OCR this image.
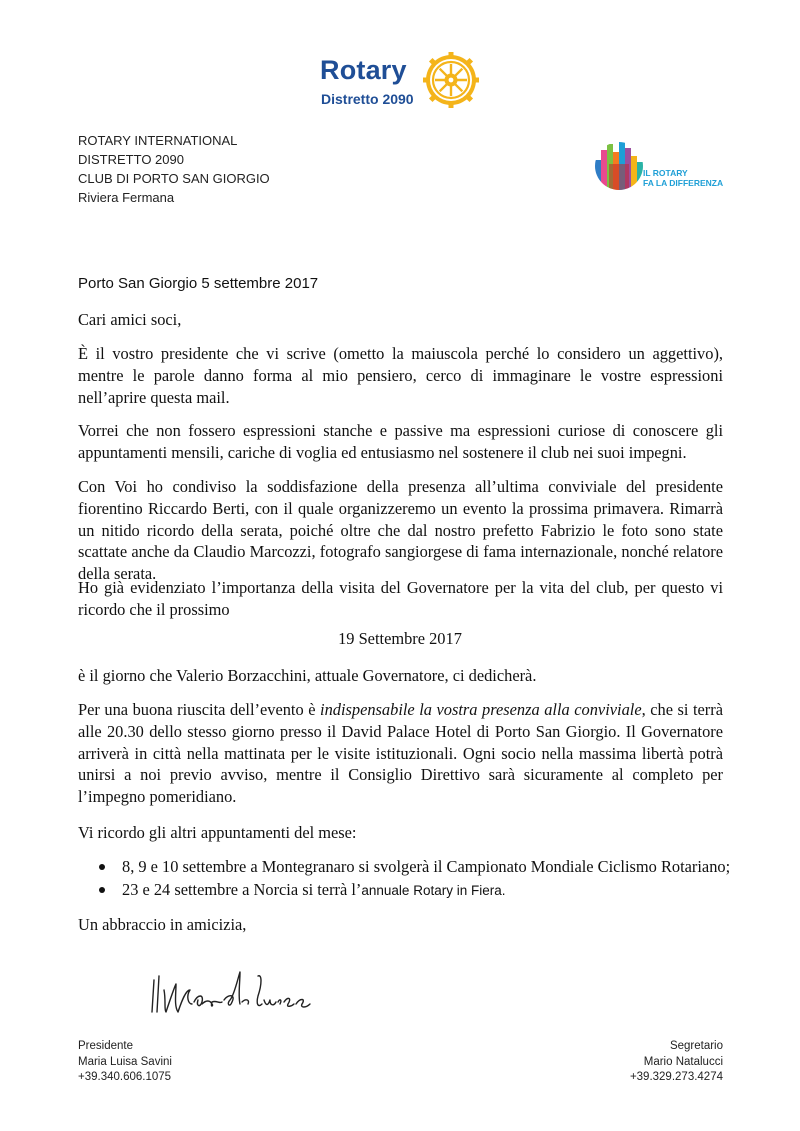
Rotary
Distretto 2090
ROTARY INTERNATIONAL
DISTRETTO 2090
CLUB DI PORTO SAN GIORGIO
Riviera Fermana
IL ROTARY
FA LA DIFFERENZA
Porto San Giorgio 5 settembre 2017
Cari amici soci,
È il vostro presidente che vi scrive (ometto la maiuscola perché lo considero un aggettivo), mentre le parole danno forma al mio pensiero, cerco di immaginare le vostre espressioni nell’aprire questa mail.
Vorrei che non fossero espressioni stanche e passive ma espressioni curiose di conoscere gli appuntamenti mensili, cariche di voglia ed entusiasmo nel sostenere il club nei suoi impegni.
Con Voi ho condiviso la soddisfazione della presenza all’ultima conviviale del presidente fiorentino Riccardo Berti, con il quale organizzeremo un evento la prossima primavera. Rimarrà un nitido ricordo della serata, poiché oltre che dal nostro prefetto Fabrizio le foto sono state scattate anche da Claudio Marcozzi, fotografo sangiorgese di fama internazionale, nonché relatore della serata.
Ho già evidenziato l’importanza della visita del Governatore per la vita del club, per questo vi ricordo che il prossimo
19 Settembre 2017
è il giorno che Valerio Borzacchini, attuale Governatore, ci dedicherà.
Per una buona riuscita dell’evento è indispensabile la vostra presenza alla conviviale, che si terrà alle 20.30 dello stesso giorno presso il David Palace Hotel di Porto San Giorgio. Il Governatore arriverà in città nella mattinata per le visite istituzionali. Ogni socio nella massima libertà potrà unirsi a noi previo avviso, mentre il Consiglio Direttivo sarà sicuramente al completo per l’impegno pomeridiano.
Vi ricordo gli altri appuntamenti del mese:
8, 9 e 10 settembre a Montegranaro si svolgerà il Campionato Mondiale Ciclismo Rotariano;
23 e 24 settembre a Norcia si terrà l’annuale Rotary in Fiera.
Un abbraccio in amicizia,
Presidente
Maria Luisa Savini
+39.340.606.1075
Segretario
Mario Natalucci
+39.329.273.4274
